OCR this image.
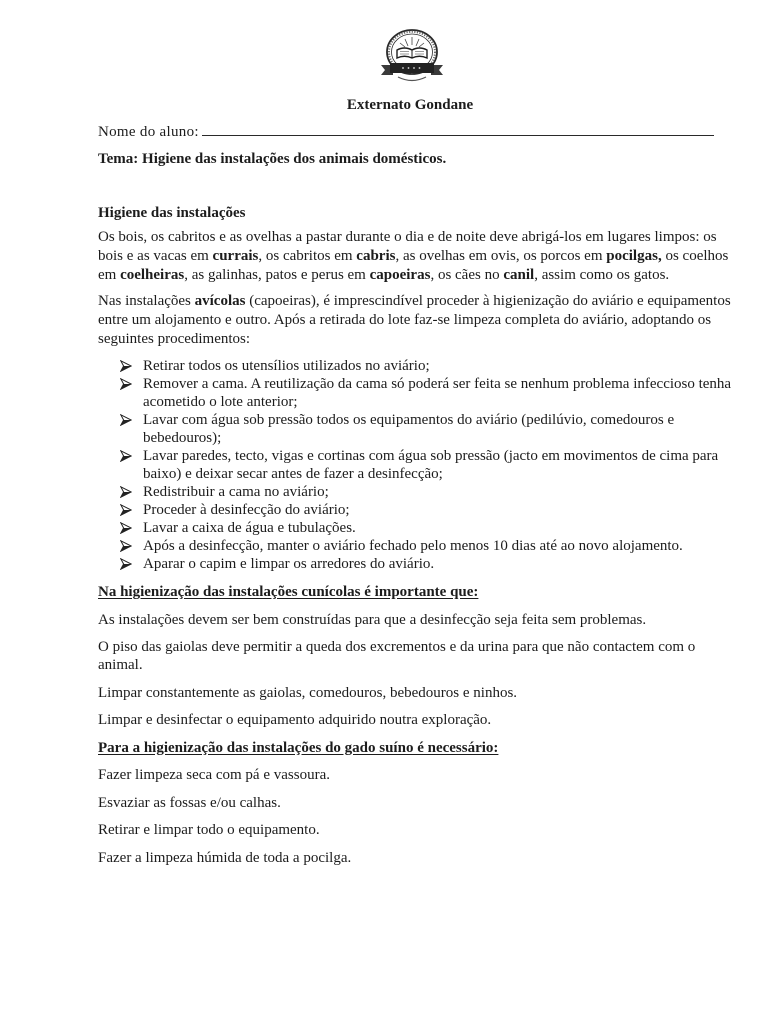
Externato Gondane
Nome do aluno:
Tema: Higiene das instalações dos animais domésticos.
Higiene das instalações
Os bois, os cabritos e as ovelhas a pastar durante o dia e de noite deve abrigá-los em lugares limpos: os
bois e as vacas em currais, os cabritos em cabris, as ovelhas em ovis, os porcos em pocilgas, os coelhos
em coelheiras, as galinhas, patos e perus em capoeiras, os cães no canil, assim como os gatos.
Nas instalações avícolas (capoeiras), é imprescindível proceder à higienização do aviário e equipamentos
entre um alojamento e outro. Após a retirada do lote faz-se limpeza completa do aviário, adoptando os
seguintes procedimentos:
Retirar todos os utensílios utilizados no aviário;
Remover a cama. A reutilização da cama só poderá ser feita se nenhum problema infeccioso tenha
acometido o lote anterior;
Lavar com água sob pressão todos os equipamentos do aviário (pedilúvio, comedouros e
bebedouros);
Lavar paredes, tecto, vigas e cortinas com água sob pressão (jacto em movimentos de cima para
baixo) e deixar secar antes de fazer a desinfecção;
Redistribuir a cama no aviário;
Proceder à desinfecção do aviário;
Lavar a caixa de água e tubulações.
Após a desinfecção, manter o aviário fechado pelo menos 10 dias até ao novo alojamento.
Aparar o capim e limpar os arredores do aviário.
Na higienização das instalações cunícolas é importante que:
As instalações devem ser bem construídas para que a desinfecção seja feita sem problemas.
O piso das gaiolas deve permitir a queda dos excrementos e da urina para que não contactem com o
animal.
Limpar constantemente as gaiolas, comedouros, bebedouros e ninhos.
Limpar e desinfectar o equipamento adquirido noutra exploração.
Para a higienização das instalações do gado suíno é necessário:
Fazer limpeza seca com pá e vassoura.
Esvaziar as fossas e/ou calhas.
Retirar e limpar todo o equipamento.
Fazer a limpeza húmida de toda a pocilga.
